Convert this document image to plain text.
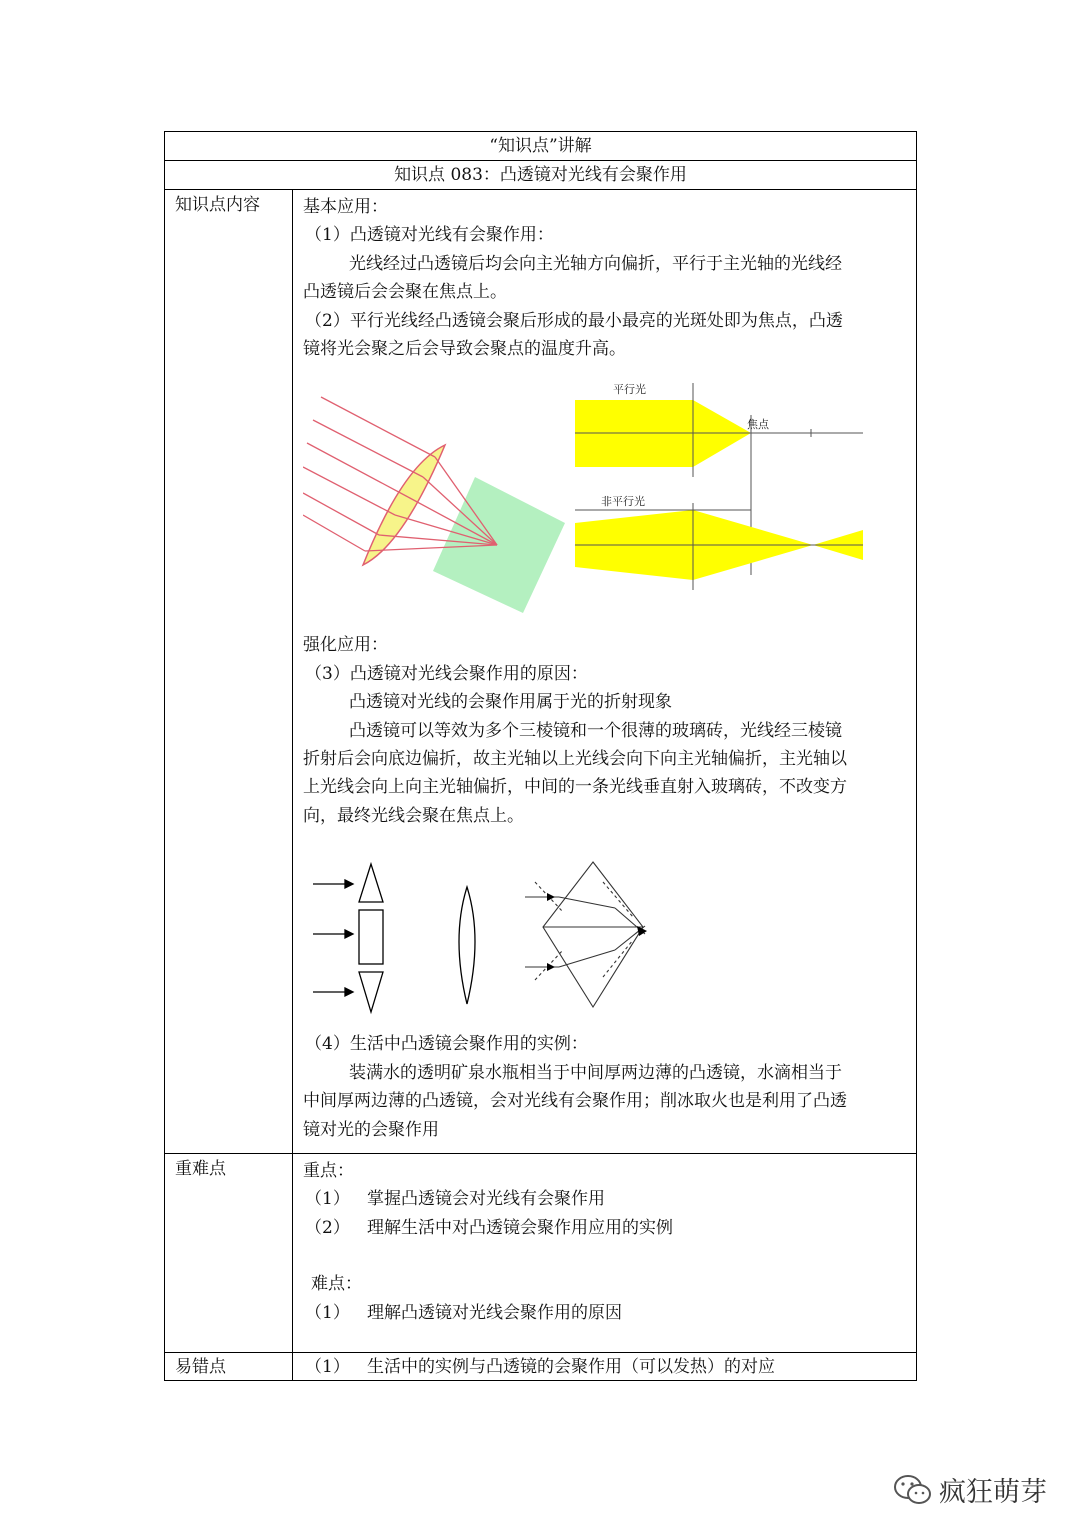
“知识点”讲解
知识点 083：凸透镜对光线有会聚作用
知识点内容	基本应用：

（1）凸透镜对光线有会聚作用：

光线经过凸透镜后均会向主光轴方向偏折，平行于主光轴的光线经

凸透镜后会会聚在焦点上。

（2）平行光线经凸透镜会聚后形成的最小最亮的光斑处即为焦点，凸透

镜将光会聚之后会导致会聚点的温度升高。

平行光
焦点
非平行光

强化应用：

（3）凸透镜对光线会聚作用的原因：

凸透镜对光线的会聚作用属于光的折射现象

凸透镜可以等效为多个三棱镜和一个很薄的玻璃砖，光线经三棱镜

折射后会向底边偏折，故主光轴以上光线会向下向主光轴偏折，主光轴以

上光线会向上向主光轴偏折，中间的一条光线垂直射入玻璃砖，不改变方

向，最终光线会聚在焦点上。

（4）生活中凸透镜会聚作用的实例：

装满水的透明矿泉水瓶相当于中间厚两边薄的凸透镜，水滴相当于

中间厚两边薄的凸透镜，会对光线有会聚作用；削冰取火也是利用了凸透

镜对光的会聚作用

重难点	重点：

（1） 掌握凸透镜会对光线有会聚作用

（2） 理解生活中对凸透镜会聚作用应用的实例

难点：

（1） 理解凸透镜对光线会聚作用的原因

易错点	（1） 生活中的实例与凸透镜的会聚作用（可以发热）的对应

疯狂萌芽
